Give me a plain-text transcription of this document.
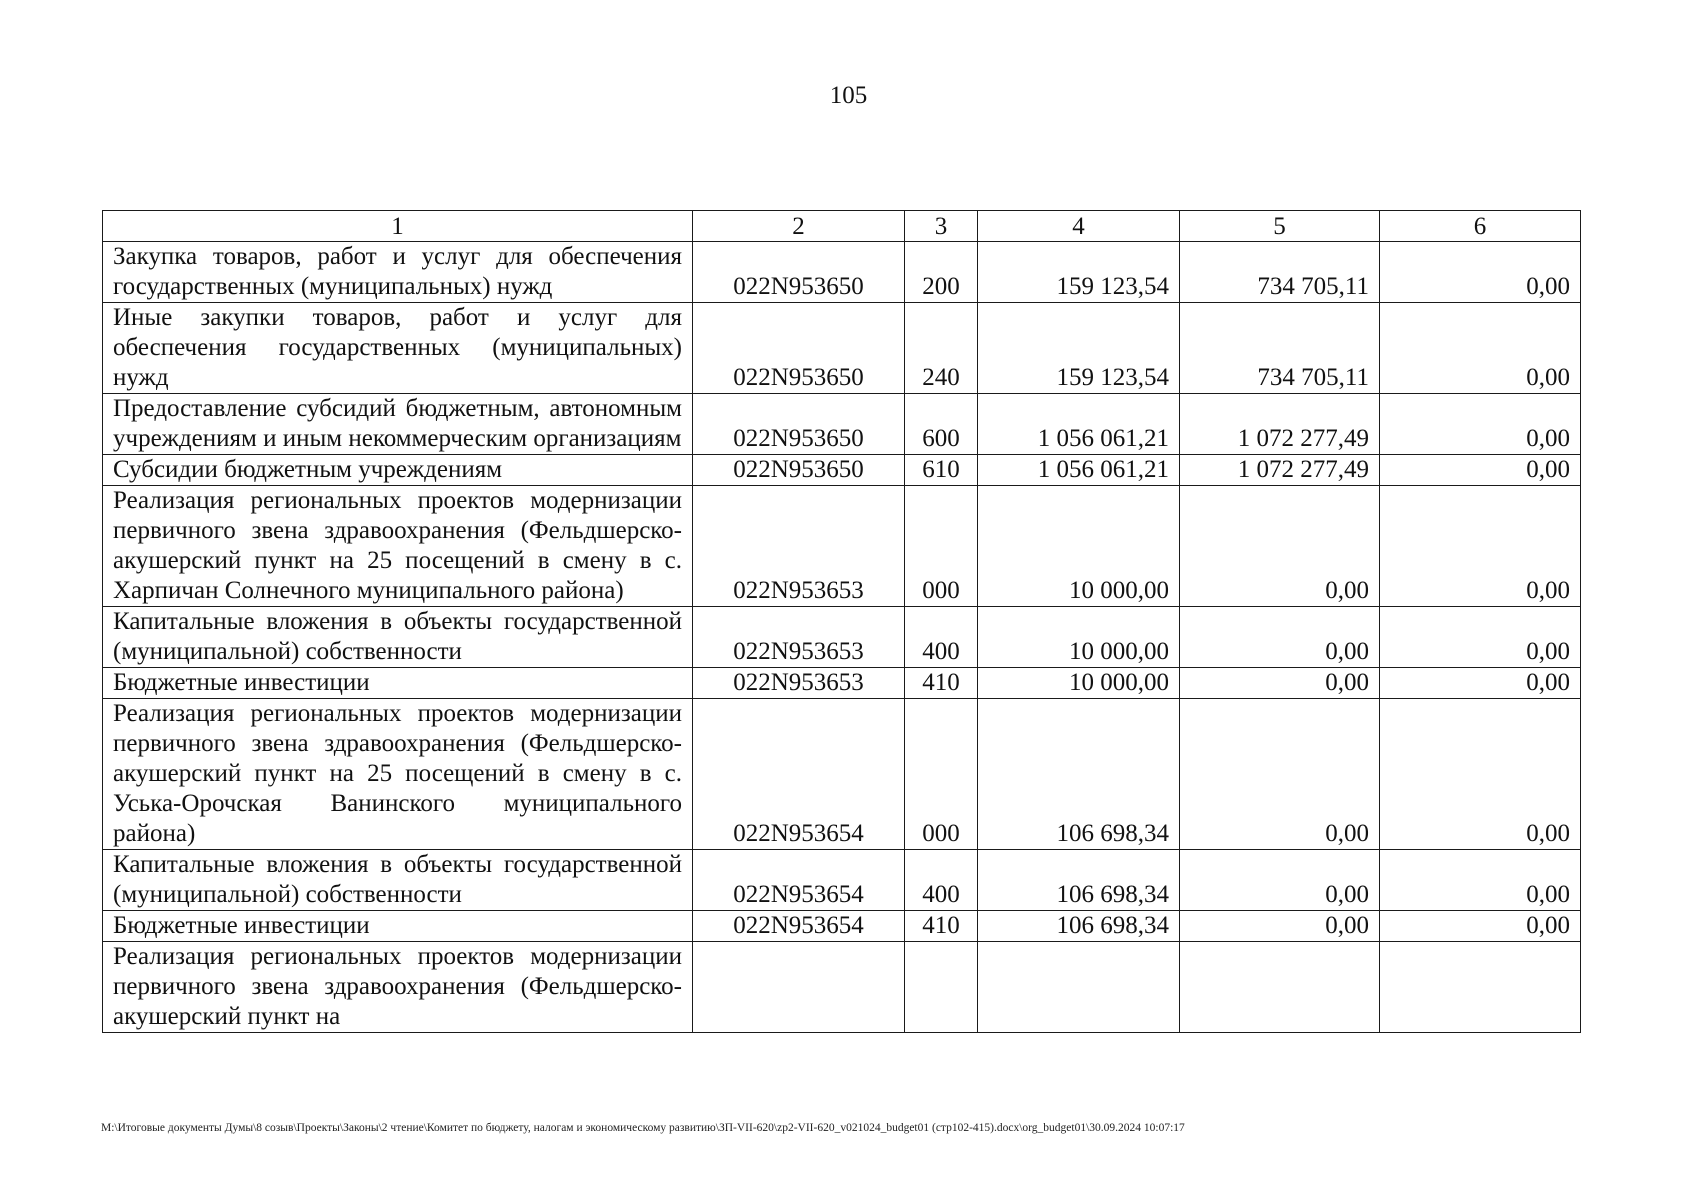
105
1	2	3	4	5	6
Закупка товаров, работ и услуг для обеспечения государственных (муниципальных) нужд	022N953650	200	159 123,54	734 705,11	0,00
Иные закупки товаров, работ и услуг для обеспечения государственных (муниципальных) нужд	022N953650	240	159 123,54	734 705,11	0,00
Предоставление субсидий бюджетным, автономным учреждениям и иным некоммерческим организациям	022N953650	600	1 056 061,21	1 072 277,49	0,00
Субсидии бюджетным учреждениям	022N953650	610	1 056 061,21	1 072 277,49	0,00
Реализация региональных проектов модернизации первичного звена здравоохранения (Фельдшерско-акушерский пункт на 25 посещений в смену в с. Харпичан Солнечного муниципального района)	022N953653	000	10 000,00	0,00	0,00
Капитальные вложения в объекты государственной (муниципальной) собственности	022N953653	400	10 000,00	0,00	0,00
Бюджетные инвестиции	022N953653	410	10 000,00	0,00	0,00
Реализация региональных проектов модернизации первичного звена здравоохранения (Фельдшерско-акушерский пункт на 25 посещений в смену в с. Уська-Орочская Ванинского муниципального района)	022N953654	000	106 698,34	0,00	0,00
Капитальные вложения в объекты государственной (муниципальной) собственности	022N953654	400	106 698,34	0,00	0,00
Бюджетные инвестиции	022N953654	410	106 698,34	0,00	0,00
Реализация региональных проектов модернизации первичного звена здравоохранения (Фельдшерско-акушерский пункт на					
M:\Итоговые документы Думы\8 созыв\Проекты\Законы\2 чтение\Комитет по бюджету, налогам и экономическому развитию\ЗП-VII-620\zp2-VII-620_v021024_budget01 (стр102-415).docx\org_budget01\30.09.2024 10:07:17
